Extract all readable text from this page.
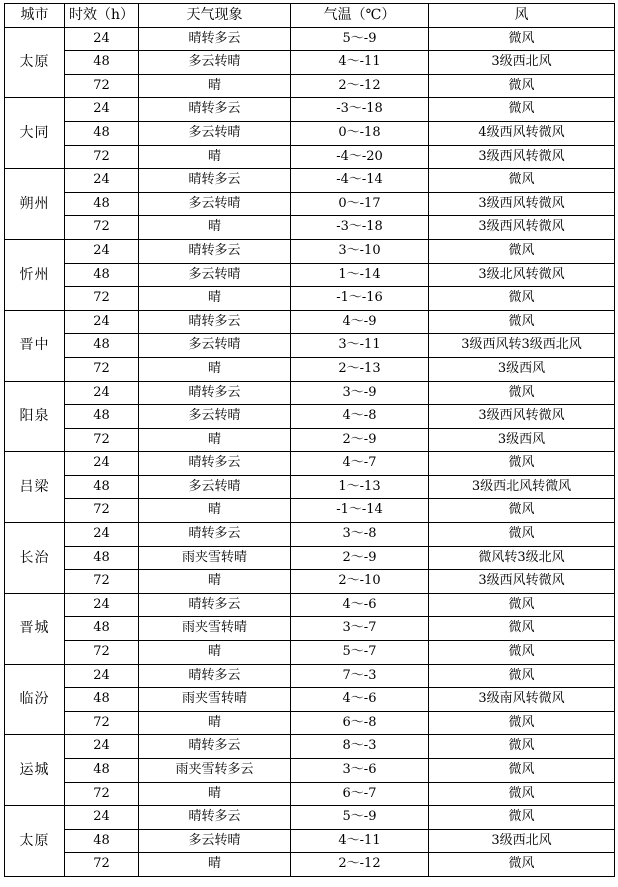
城市	时效（h）	天气现象	气温（℃）	风
太原	24	晴转多云	5～-9	微风
	48	多云转晴	4～-11	3级西北风
	72	晴	2～-12	微风
大同	24	晴转多云	-3～-18	微风
	48	多云转晴	0～-18	4级西风转微风
	72	晴	-4～-20	3级西风转微风
朔州	24	晴转多云	-4～-14	微风
	48	多云转晴	0～-17	3级西风转微风
	72	晴	-3～-18	3级西风转微风
忻州	24	晴转多云	3～-10	微风
	48	多云转晴	1～-14	3级北风转微风
	72	晴	-1～-16	微风
晋中	24	晴转多云	4～-9	微风
	48	多云转晴	3～-11	3级西风转3级西北风
	72	晴	2～-13	3级西风
阳泉	24	晴转多云	3～-9	微风
	48	多云转晴	4～-8	3级西风转微风
	72	晴	2～-9	3级西风
吕梁	24	晴转多云	4～-7	微风
	48	多云转晴	1～-13	3级西北风转微风
	72	晴	-1～-14	微风
长治	24	晴转多云	3～-8	微风
	48	雨夹雪转晴	2～-9	微风转3级北风
	72	晴	2～-10	3级西风转微风
晋城	24	晴转多云	4～-6	微风
	48	雨夹雪转晴	3～-7	微风
	72	晴	5～-7	微风
临汾	24	晴转多云	7～-3	微风
	48	雨夹雪转晴	4～-6	3级南风转微风
	72	晴	6～-8	微风
运城	24	晴转多云	8～-3	微风
	48	雨夹雪转多云	3～-6	微风
	72	晴	6～-7	微风
太原	24	晴转多云	5～-9	微风
	48	多云转晴	4～-11	3级西北风
	72	晴	2～-12	微风
